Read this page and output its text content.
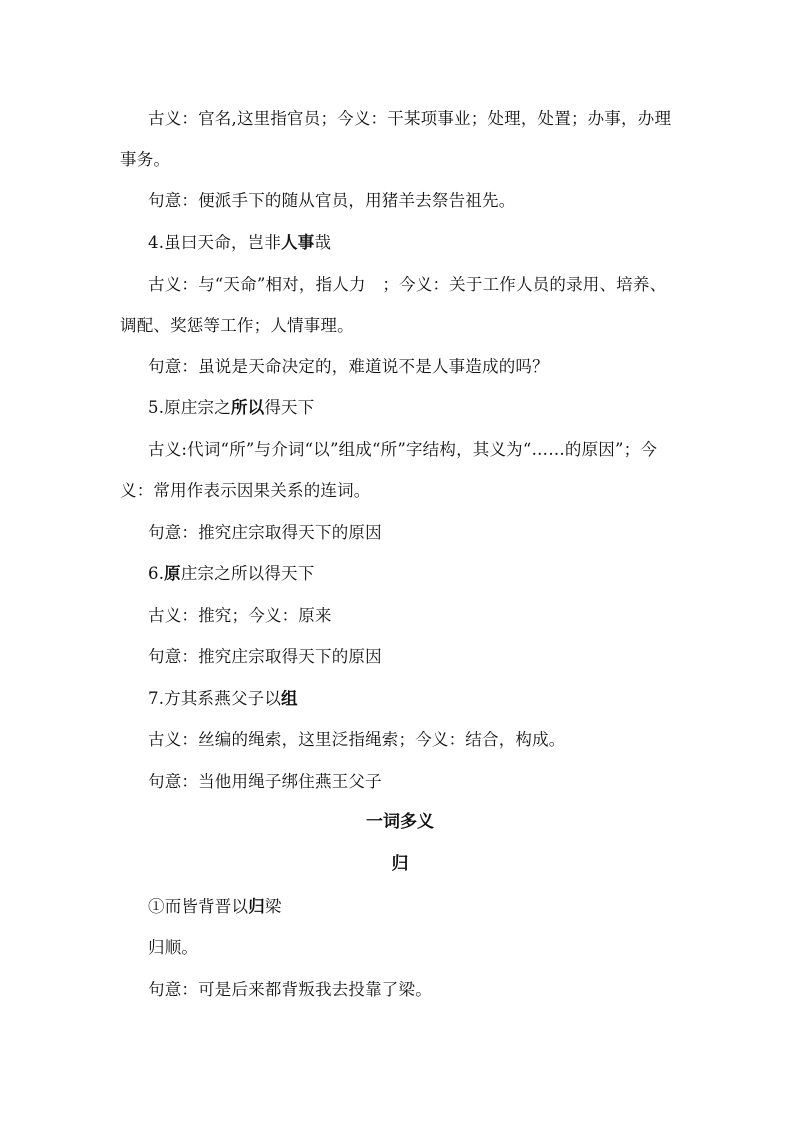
古义：官名,这里指官员；今义：干某项事业；处理，处置；办事，办理事务。

句意：便派手下的随从官员，用猪羊去祭告祖先。

4.虽曰天命，岂非人事哉

古义：与“天命”相对，指人力　；今义：关于工作人员的录用、培养、调配、奖惩等工作；人情事理。

句意：虽说是天命决定的，难道说不是人事造成的吗？

5.原庄宗之所以得天下

古义:代词“所”与介词“以”组成“所”字结构，其义为“……的原因”；今义：常用作表示因果关系的连词。

句意：推究庄宗取得天下的原因

6.原庄宗之所以得天下

古义：推究；今义：原来

句意：推究庄宗取得天下的原因

7.方其系燕父子以组

古义：丝编的绳索，这里泛指绳索；今义：结合，构成。

句意：当他用绳子绑住燕王父子

一词多义
归

①而皆背晋以归梁

归顺。

句意：可是后来都背叛我去投靠了梁。
